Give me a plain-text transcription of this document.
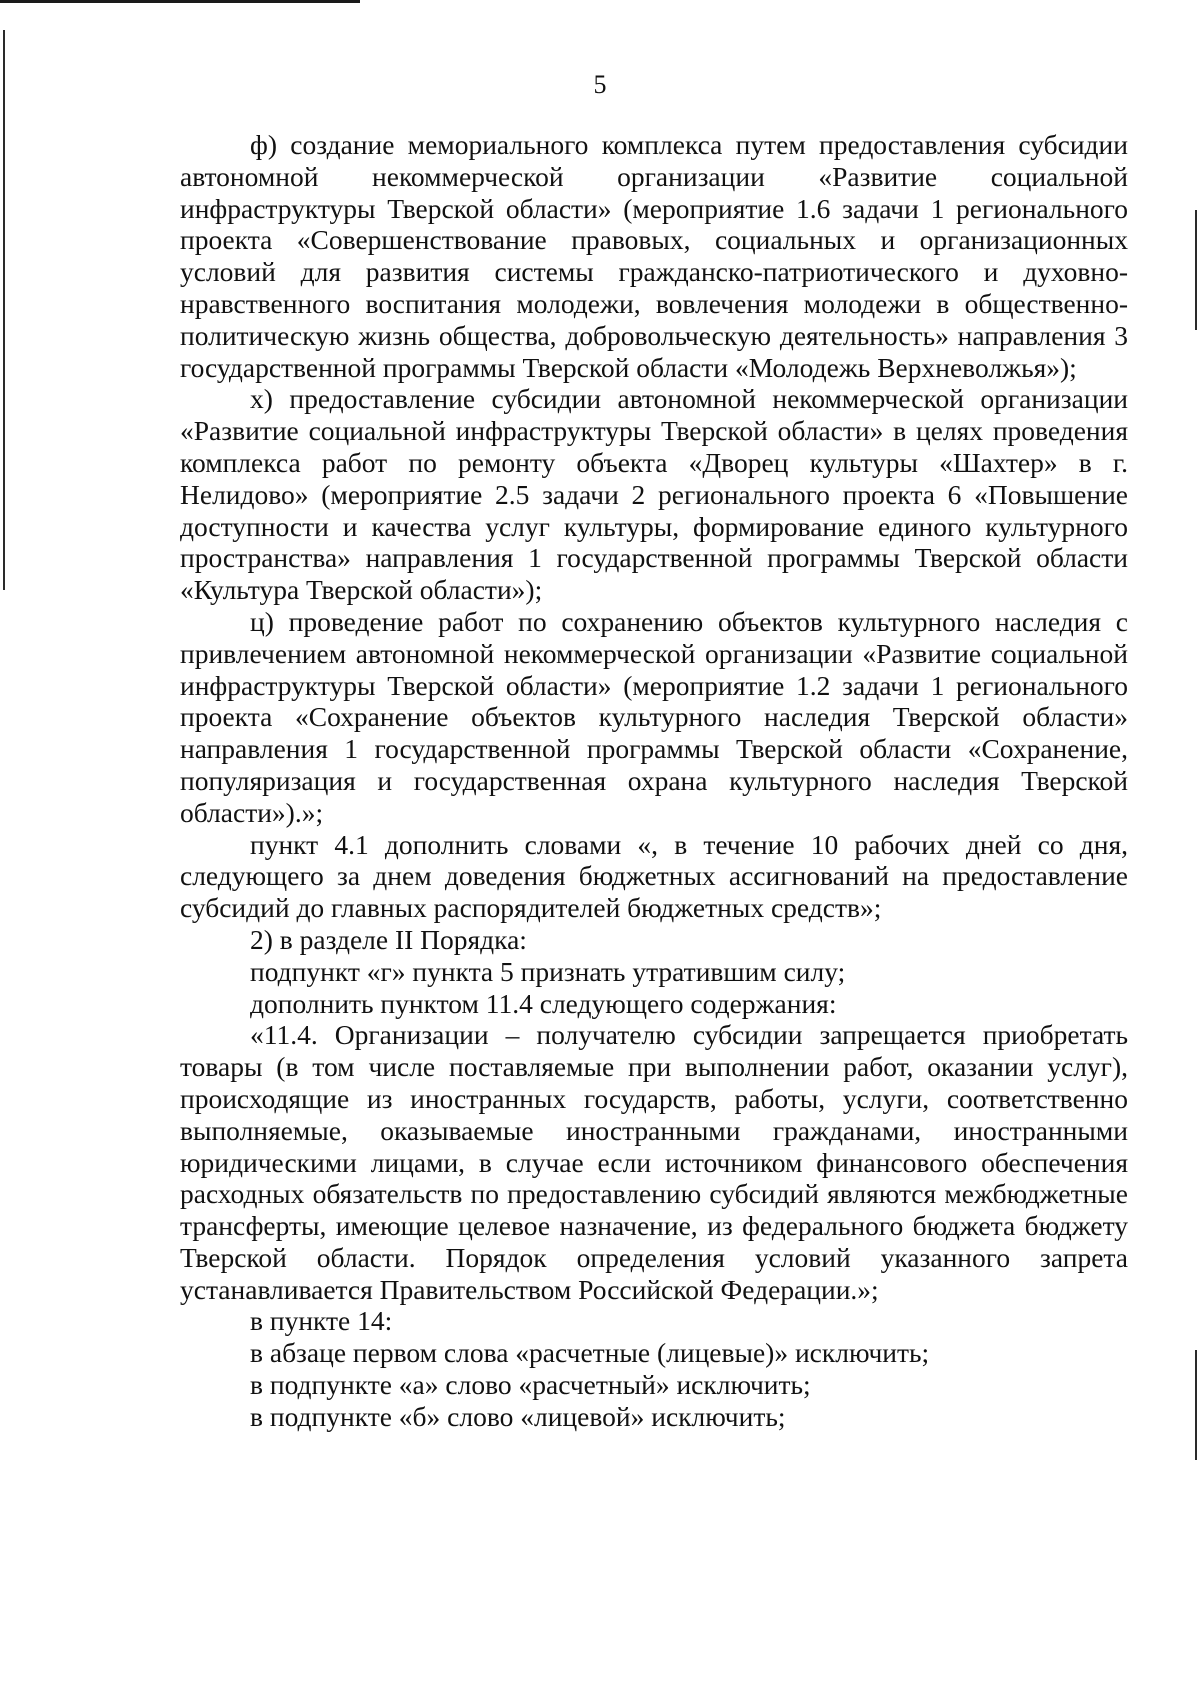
5

ф) создание мемориального комплекса путем предоставления субсидии автономной некоммерческой организации «Развитие социальной инфраструктуры Тверской области» (мероприятие 1.6 задачи 1 регионального проекта «Совершенствование правовых, социальных и организационных условий для развития системы гражданско-патриотического и духовно-нравственного воспитания молодежи, вовлечения молодежи в общественно-политическую жизнь общества, добровольческую деятельность» направления 3 государственной программы Тверской области «Молодежь Верхневолжья»);

х) предоставление субсидии автономной некоммерческой организации «Развитие социальной инфраструктуры Тверской области» в целях проведения комплекса работ по ремонту объекта «Дворец культуры «Шахтер» в г. Нелидово» (мероприятие 2.5 задачи 2 регионального проекта 6 «Повышение доступности и качества услуг культуры, формирование единого культурного пространства» направления 1 государственной программы Тверской области «Культура Тверской области»);

ц) проведение работ по сохранению объектов культурного наследия с привлечением автономной некоммерческой организации «Развитие социальной инфраструктуры Тверской области» (мероприятие 1.2 задачи 1 регионального проекта «Сохранение объектов культурного наследия Тверской области» направления 1 государственной программы Тверской области «Сохранение, популяризация и государственная охрана культурного наследия Тверской области»).»;

пункт 4.1 дополнить словами «, в течение 10 рабочих дней со дня, следующего за днем доведения бюджетных ассигнований на предоставление субсидий до главных распорядителей бюджетных средств»;

2) в разделе II Порядка:

подпункт «г» пункта 5 признать утратившим силу;

дополнить пунктом 11.4 следующего содержания:

«11.4. Организации – получателю субсидии запрещается приобретать товары (в том числе поставляемые при выполнении работ, оказании услуг), происходящие из иностранных государств, работы, услуги, соответственно выполняемые, оказываемые иностранными гражданами, иностранными юридическими лицами, в случае если источником финансового обеспечения расходных обязательств по предоставлению субсидий являются межбюджетные трансферты, имеющие целевое назначение, из федерального бюджета бюджету Тверской области. Порядок определения условий указанного запрета устанавливается Правительством Российской Федерации.»;

в пункте 14:

в абзаце первом слова «расчетные (лицевые)» исключить;

в подпункте «а» слово «расчетный» исключить;

в подпункте «б» слово «лицевой» исключить;
